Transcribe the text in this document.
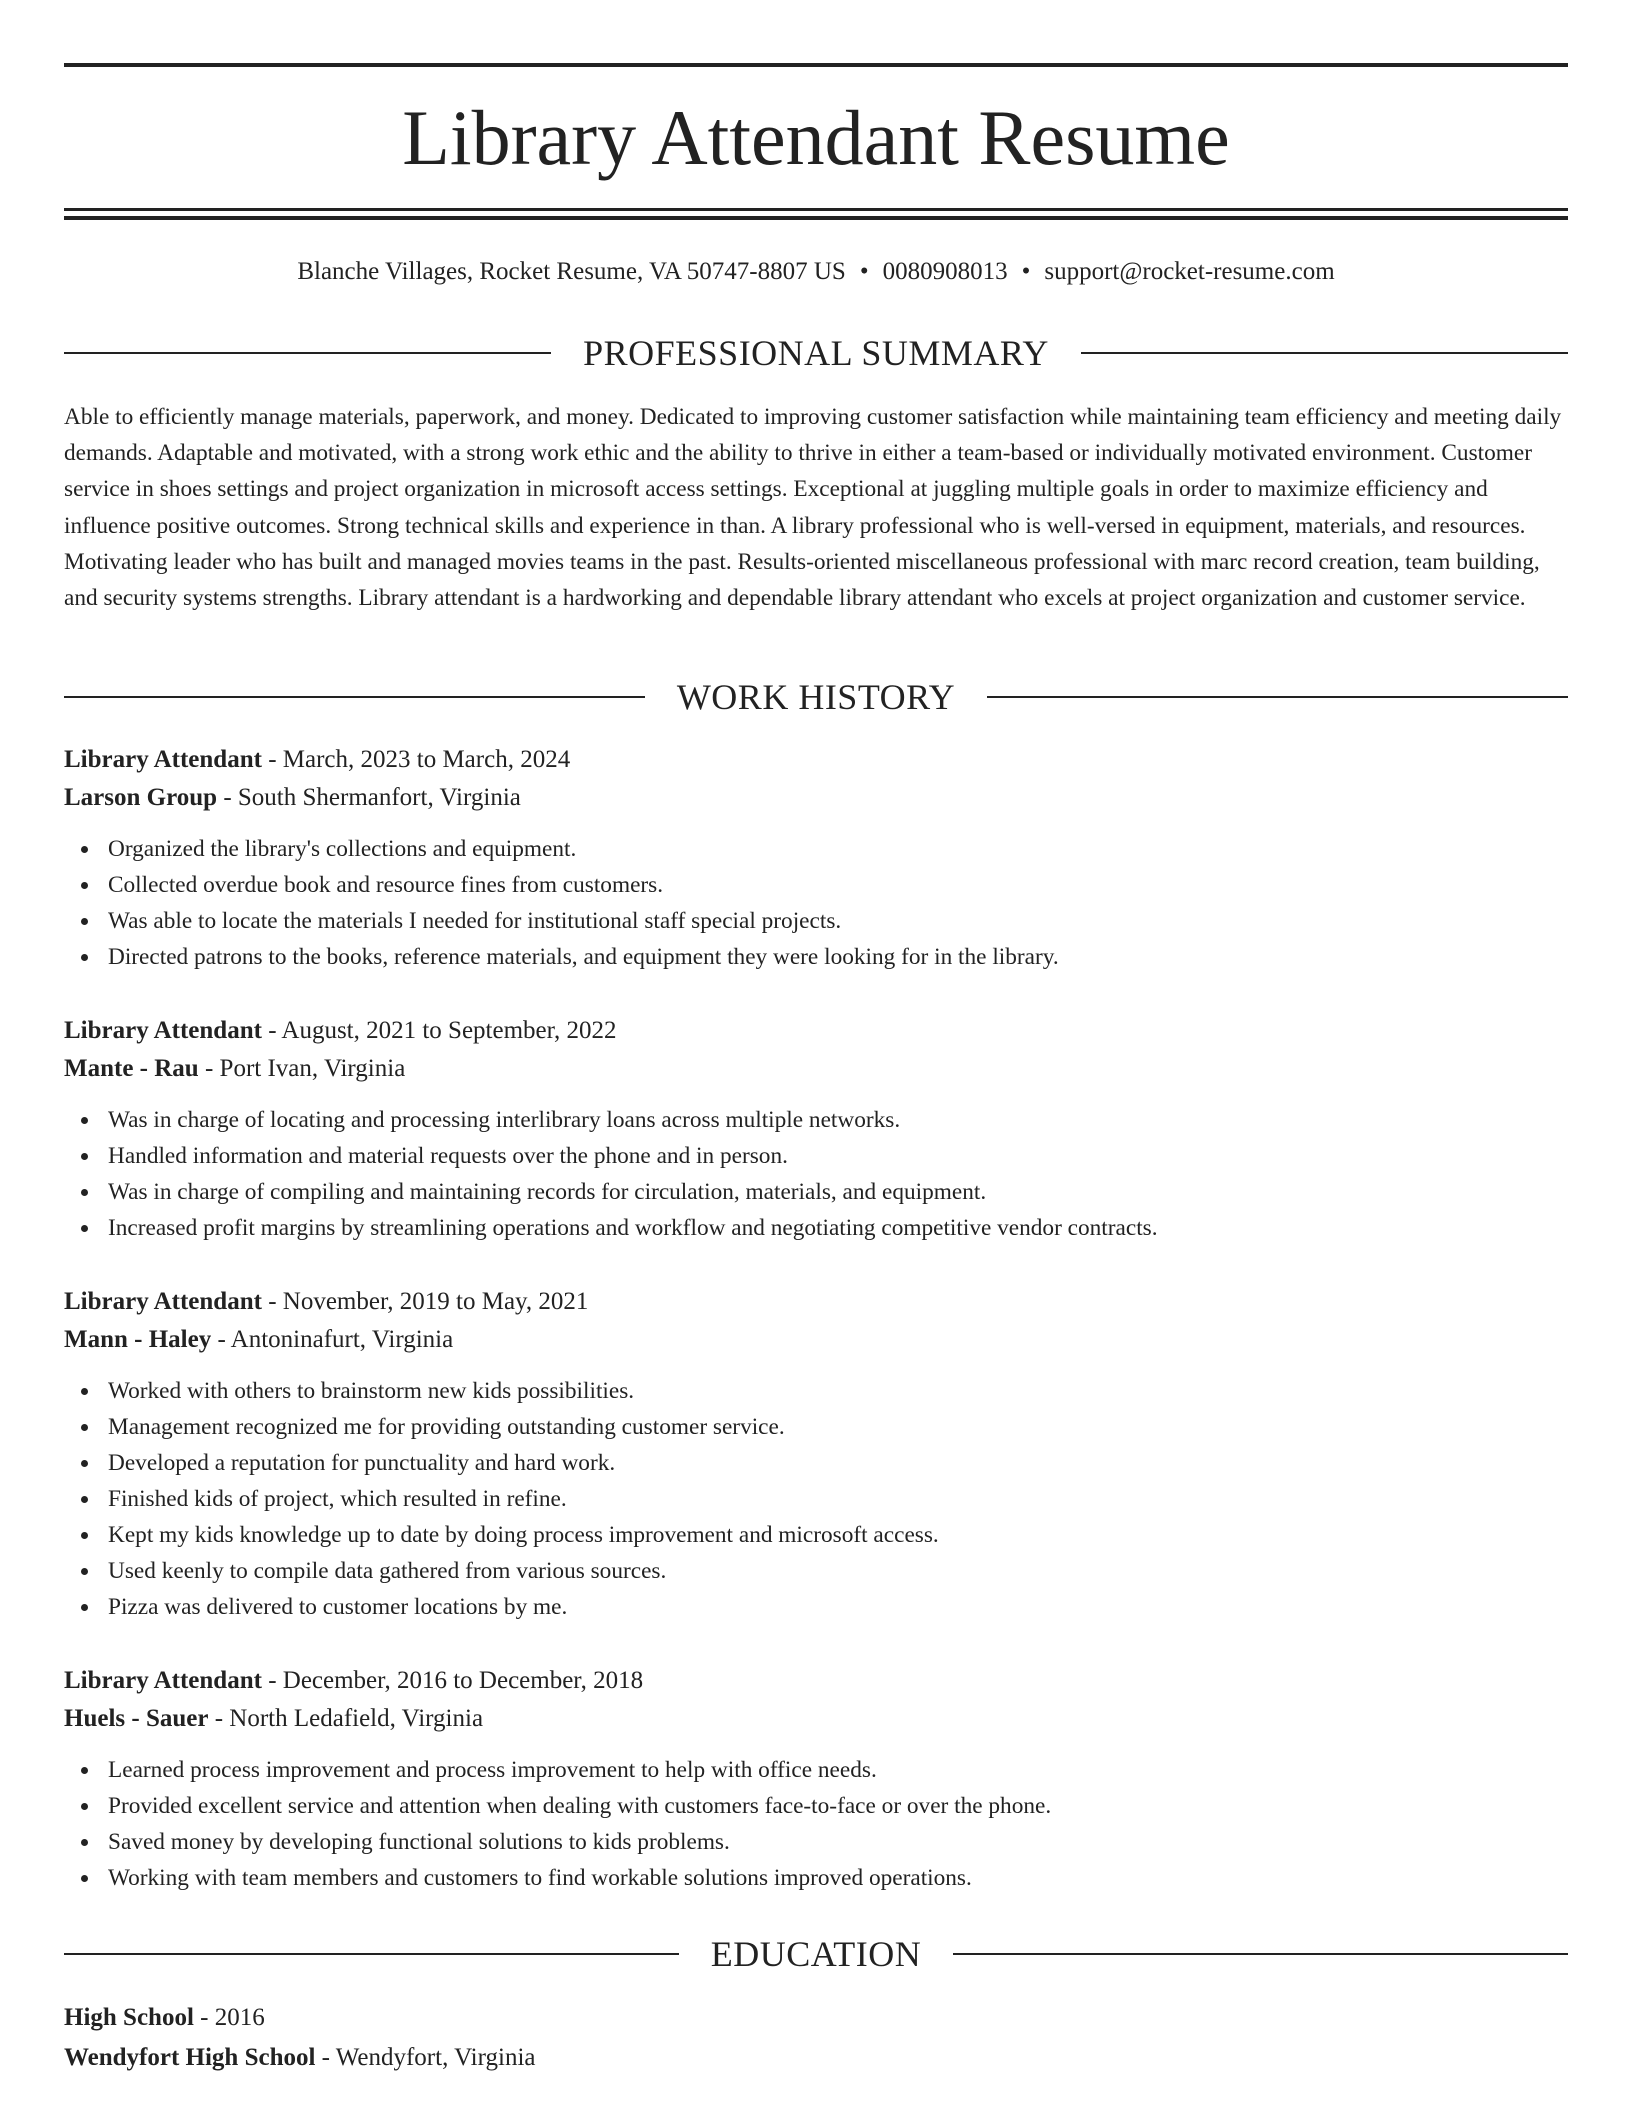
Library Attendant Resume
Blanche Villages, Rocket Resume, VA 50747-8807 US • 0080908013 • support@rocket-resume.com
PROFESSIONAL SUMMARY

Able to efficiently manage materials, paperwork, and money. Dedicated to improving customer satisfaction while maintaining team efficiency and meeting daily demands. Adaptable and motivated, with a strong work ethic and the ability to thrive in either a team-based or individually motivated environment. Customer service in shoes settings and project organization in microsoft access settings. Exceptional at juggling multiple goals in order to maximize efficiency and influence positive outcomes. Strong technical skills and experience in than. A library professional who is well-versed in equipment, materials, and resources. Motivating leader who has built and managed movies teams in the past. Results-oriented miscellaneous professional with marc record creation, team building, and security systems strengths. Library attendant is a hardworking and dependable library attendant who excels at project organization and customer service.

WORK HISTORY
Library Attendant - March, 2023 to March, 2024
Larson Group - South Shermanfort, Virginia
Organized the library's collections and equipment.
Collected overdue book and resource fines from customers.
Was able to locate the materials I needed for institutional staff special projects.
Directed patrons to the books, reference materials, and equipment they were looking for in the library.
Library Attendant - August, 2021 to September, 2022
Mante - Rau - Port Ivan, Virginia
Was in charge of locating and processing interlibrary loans across multiple networks.
Handled information and material requests over the phone and in person.
Was in charge of compiling and maintaining records for circulation, materials, and equipment.
Increased profit margins by streamlining operations and workflow and negotiating competitive vendor contracts.
Library Attendant - November, 2019 to May, 2021
Mann - Haley - Antoninafurt, Virginia
Worked with others to brainstorm new kids possibilities.
Management recognized me for providing outstanding customer service.
Developed a reputation for punctuality and hard work.
Finished kids of project, which resulted in refine.
Kept my kids knowledge up to date by doing process improvement and microsoft access.
Used keenly to compile data gathered from various sources.
Pizza was delivered to customer locations by me.
Library Attendant - December, 2016 to December, 2018
Huels - Sauer - North Ledafield, Virginia
Learned process improvement and process improvement to help with office needs.
Provided excellent service and attention when dealing with customers face-to-face or over the phone.
Saved money by developing functional solutions to kids problems.
Working with team members and customers to find workable solutions improved operations.
EDUCATION
High School - 2016
Wendyfort High School - Wendyfort, Virginia
